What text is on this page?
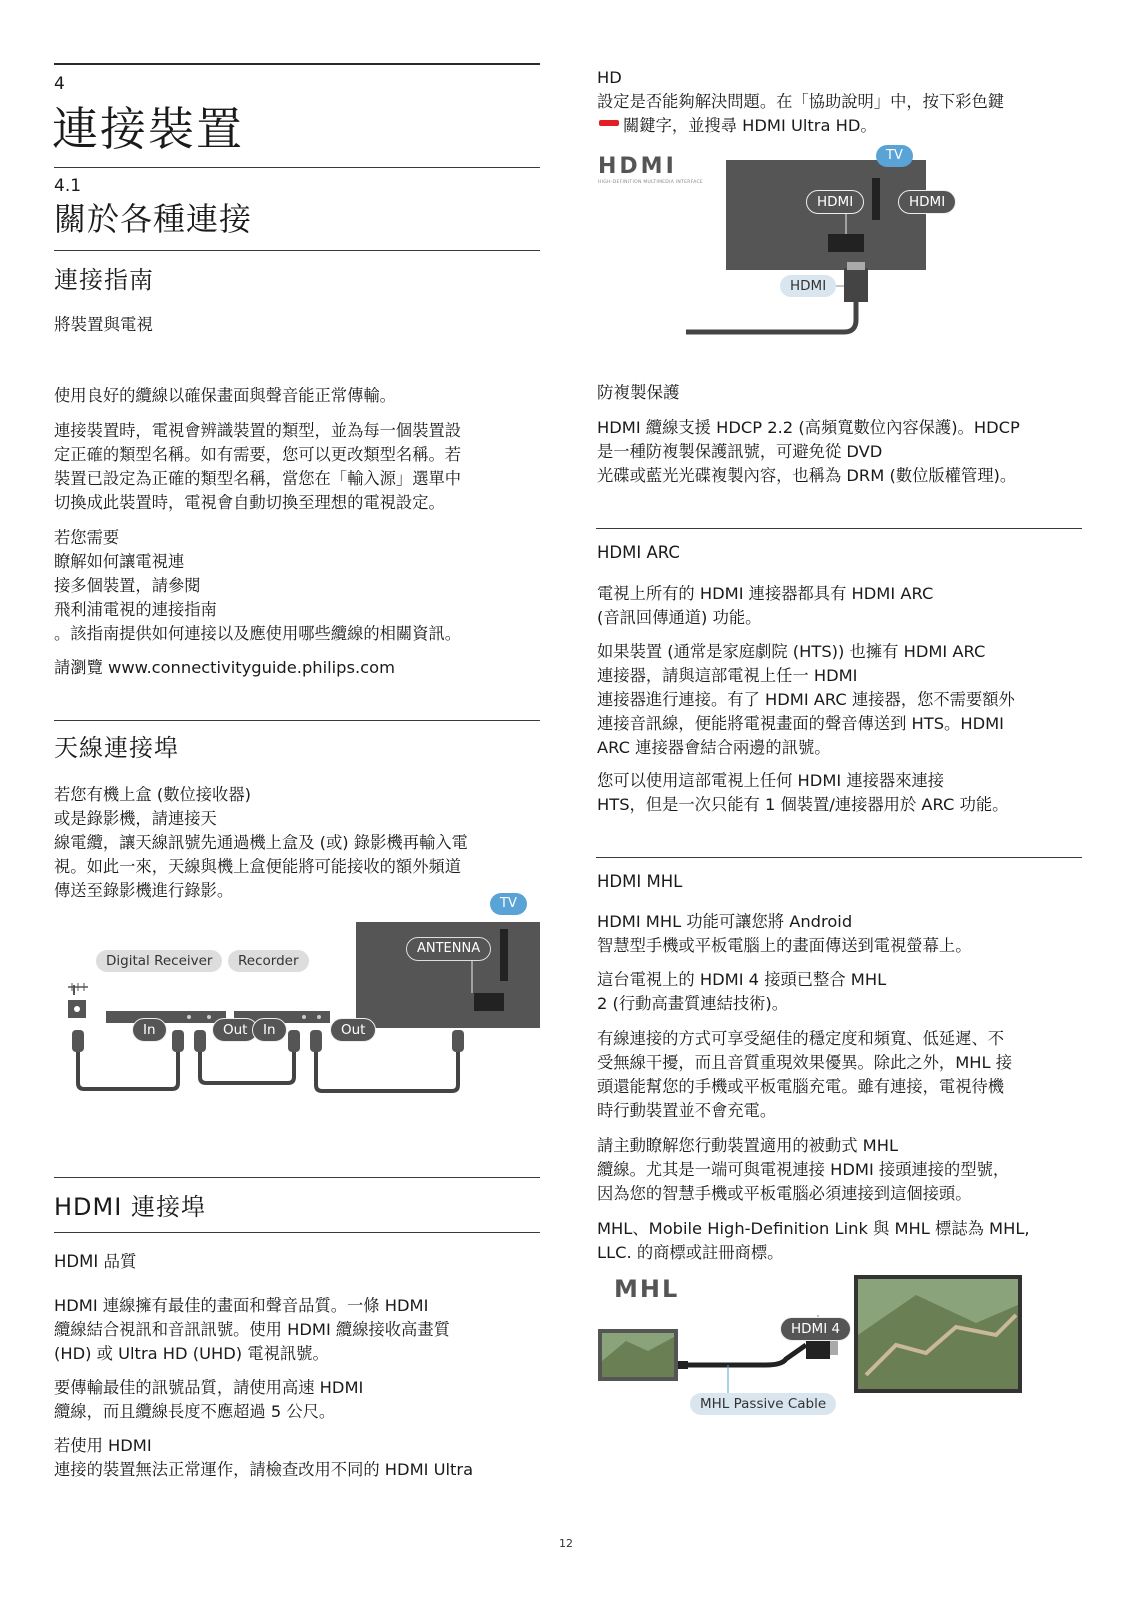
4
連接裝置
4.1
關於各種連接
連接指南
將裝置與電視
使用良好的纜線以確保畫面與聲音能正常傳輸。
連接裝置時，電視會辨識裝置的類型，並為每一個裝置設
定正確的類型名稱。如有需要，您可以更改類型名稱。若
裝置已設定為正確的類型名稱，當您在「輸入源」選單中
切換成此裝置時，電視會自動切換至理想的電視設定。
若您需要
瞭解如何讓電視連
接多個裝置，請參閱
飛利浦電視的連接指南
。該指南提供如何連接以及應使用哪些纜線的相關資訊。
請瀏覽 www.connectivityguide.philips.com
天線連接埠
若您有機上盒 (數位接收器)
或是錄影機，請連接天
線電纜，讓天線訊號先通過機上盒及 (或) 錄影機再輸入電
視。如此一來，天線與機上盒便能將可能接收的額外頻道
傳送至錄影機進行錄影。
TV
ANTENNA
Digital Receiver	Recorder
In	Out	In	Out
HDMI 連接埠
HDMI 品質
HDMI 連線擁有最佳的畫面和聲音品質。一條 HDMI
纜線結合視訊和音訊訊號。使用 HDMI 纜線接收高畫質
(HD) 或 Ultra HD (UHD) 電視訊號。
要傳輸最佳的訊號品質，請使用高速 HDMI
纜線，而且纜線長度不應超過 5 公尺。
若使用 HDMI
連接的裝置無法正常運作，請檢查改用不同的 HDMI Ultra
HD
設定是否能夠解決問題。在「協助說明」中，按下彩色鍵
關鍵字，並搜尋 HDMI Ultra HD。
HDMI
HIGH-DEFINITION MULTIMEDIA INTERFACE
TV
HDMI	HDMI
HDMI
防複製保護
HDMI 纜線支援 HDCP 2.2 (高頻寬數位內容保護)。HDCP
是一種防複製保護訊號，可避免從 DVD
光碟或藍光光碟複製內容，也稱為 DRM (數位版權管理)。
HDMI ARC
電視上所有的 HDMI 連接器都具有 HDMI ARC
(音訊回傳通道) 功能。
如果裝置 (通常是家庭劇院 (HTS)) 也擁有 HDMI ARC
連接器，請與這部電視上任一 HDMI
連接器進行連接。有了 HDMI ARC 連接器，您不需要額外
連接音訊線，便能將電視畫面的聲音傳送到 HTS。HDMI
ARC 連接器會結合兩邊的訊號。
您可以使用這部電視上任何 HDMI 連接器來連接
HTS，但是一次只能有 1 個裝置/連接器用於 ARC 功能。
HDMI MHL
HDMI MHL 功能可讓您將 Android
智慧型手機或平板電腦上的畫面傳送到電視螢幕上。
這台電視上的 HDMI 4 接頭已整合 MHL
2 (行動高畫質連結技術)。
有線連接的方式可享受絕佳的穩定度和頻寬、低延遲、不
受無線干擾，而且音質重現效果優異。除此之外，MHL 接
頭還能幫您的手機或平板電腦充電。雖有連接，電視待機
時行動裝置並不會充電。
請主動瞭解您行動裝置適用的被動式 MHL
纜線。尤其是一端可與電視連接 HDMI 接頭連接的型號，
因為您的智慧手機或平板電腦必須連接到這個接頭。
MHL、Mobile High-Definition Link 與 MHL 標誌為 MHL,
LLC. 的商標或註冊商標。
MHL
HDMI 4
MHL Passive Cable
12
